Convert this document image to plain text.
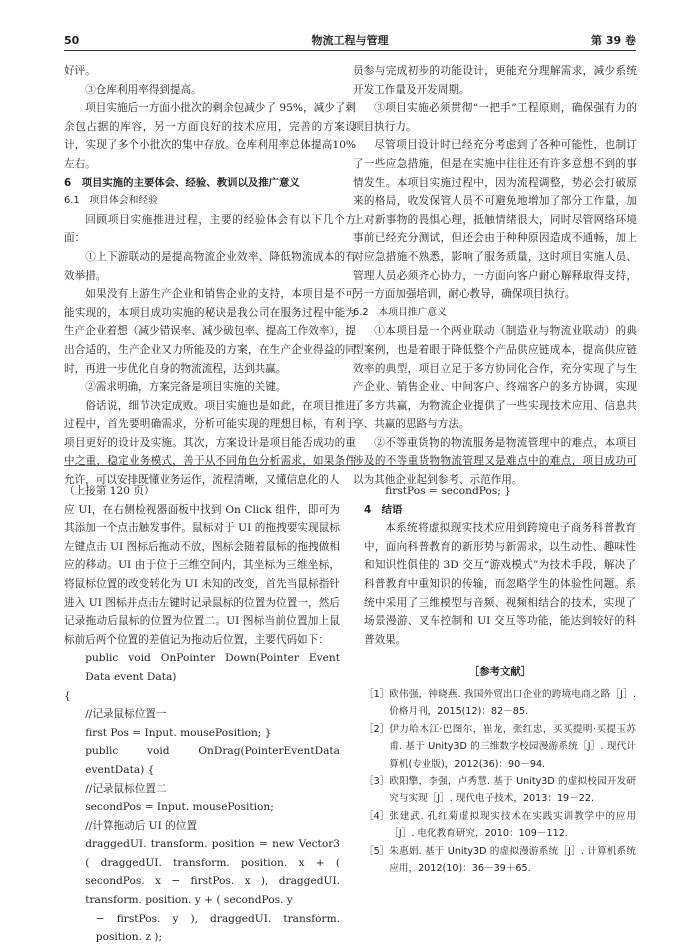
50	物流工程与管理	第 39 卷

好评。

③仓库利用率得到提高。

项目实施后一方面小批次的剩余包减少了 95%，减少了剩余包占据的库容，另一方面良好的技术应用，完善的方案设计，实现了多个小批次的集中存放。仓库利用率总体提高10%左右。

6　项目实施的主要体会、经验、教训以及推广意义

6.1　项目体会和经验

回顾项目实施推进过程，主要的经验体会有以下几个方面：

①上下游联动的是提高物流企业效率、降低物流成本的有效举措。

如果没有上游生产企业和销售企业的支持，本项目是不可能实现的，本项目成功实施的秘诀是我公司在服务过程中能为生产企业着想（减少错误率、减少破包率、提高工作效率），提出合适的，生产企业又力所能及的方案，在生产企业得益的同时，再进一步优化自身的物流流程，达到共赢。

②需求明确，方案完备是项目实施的关键。

俗话说，细节决定成败。项目实施也是如此，在项目推进过程中，首先要明确需求，分析可能实现的理想目标，有利于项目更好的设计及实施。其次，方案设计是项目能否成功的重中之重，稳定业务模式，善于从不同角色分析需求，如果条件允许，可以安排既懂业务运作，流程清晰，又懂信息化的人

员参与完成初步的功能设计，更能充分理解需求，减少系统开发工作量及开发周期。

③项目实施必须贯彻“一把手”工程原则，确保强有力的项目执行力。

尽管项目设计时已经充分考虑到了各种可能性，也制订了一些应急措施，但是在实施中往往还有许多意想不到的事情发生。本项目实施过程中，因为流程调整，势必会打破原来的格局，收发保管人员不可避免地增加了部分工作量，加上对新事物的畏惧心理，抵触情绪很大，同时尽管网络环境事前已经充分测试，但还会由于种种原因造成不通畅，加上对应急措施不熟悉，影响了服务质量，这时项目实施人员、管理人员必须齐心协力，一方面向客户耐心解释取得支持，另一方面加强培训，耐心教导，确保项目执行。

6.2　本项目推广意义

①本项目是一个两业联动（制造业与物流业联动）的典型案例，也是着眼于降低整个产品供应链成本，提高供应链效率的典型，项目立足于多方协同化合作，充分实现了与生产企业、销售企业、中间客户、终端客户的多方协调，实现了多方共赢，为物流企业提供了一些实现技术应用、信息共享、共赢的思路与方法。

②不等重货物的物流服务是物流管理中的难点，本项目涉及的不等重货物物流管理又是难点中的难点，项目成功可以为其他企业起到参考、示范作用。

（上接第 120 页）

应 UI，在右侧检视器面板中找到 On Click 组件，即可为其添加一个点击触发事件。鼠标对于 UI 的拖拽要实现鼠标左键点击 UI 图标后拖动不放，图标会随着鼠标的拖拽做相应的移动。UI 由于位于三维空间内，其坐标为三维坐标，将鼠标位置的改变转化为 UI 未知的改变，首先当鼠标指针进入 UI 图标并点击左键时记录鼠标的位置为位置一，然后记录拖动后鼠标的位置为位置二。UI 图标当前位置加上鼠标前后两个位置的差值记为拖动后位置，主要代码如下：

public void OnPointer Down(Pointer Event Data event Data)

{

//记录鼠标位置一

first Pos = Input. mousePosition; }

public void OnDrag(PointerEventData eventData) {

//记录鼠标位置二

secondPos = Input. mousePosition;

//计算拖动后 UI 的位置

draggedUI. transform. position = new Vector3 ( draggedUI. transform. position. x + ( secondPos. x − firstPos. x ), draggedUI. transform. position. y + ( secondPos. y

− firstPos. y ), draggedUI. transform. position. z );

firstPos = secondPos; }

4　结语

本系统将虚拟现实技术应用到跨境电子商务科普教育中，面向科普教育的新形势与新需求，以生动性、趣味性和知识性俱佳的 3D 交互“游戏模式”为技术手段，解决了科普教育中重知识的传输，而忽略学生的体验性问题。系统中采用了三维模型与音频、视频相结合的技术，实现了场景漫游、叉车控制和 UI 交互等功能，能达到较好的科普效果。

［参考文献］
［1］ 欧伟强，钟晓燕. 我国外贸出口企业的跨境电商之路［J］. 价格月刊，2015(12)：82－85.
［2］ 伊力哈木江·巴图尔，崔龙，张红忠，买买提明·买提玉苏甫. 基于 Unity3D 的三维数字校园漫游系统［J］. 现代计算机(专业版)，2012(36)：90－94.
［3］ 欧阳擎，李强，卢秀慧. 基于 Unity3D 的虚拟校园开发研究与实现［J］. 现代电子技术，2013：19－22.
［4］ 张建武. 孔红菊虚拟现实技术在实践实训教学中的应用［J］. 电化教育研究，2010：109－112.
［5］ 朱惠娟. 基于 Unity3D 的虚拟漫游系统［J］. 计算机系统应用，2012(10)：36－39＋65.
